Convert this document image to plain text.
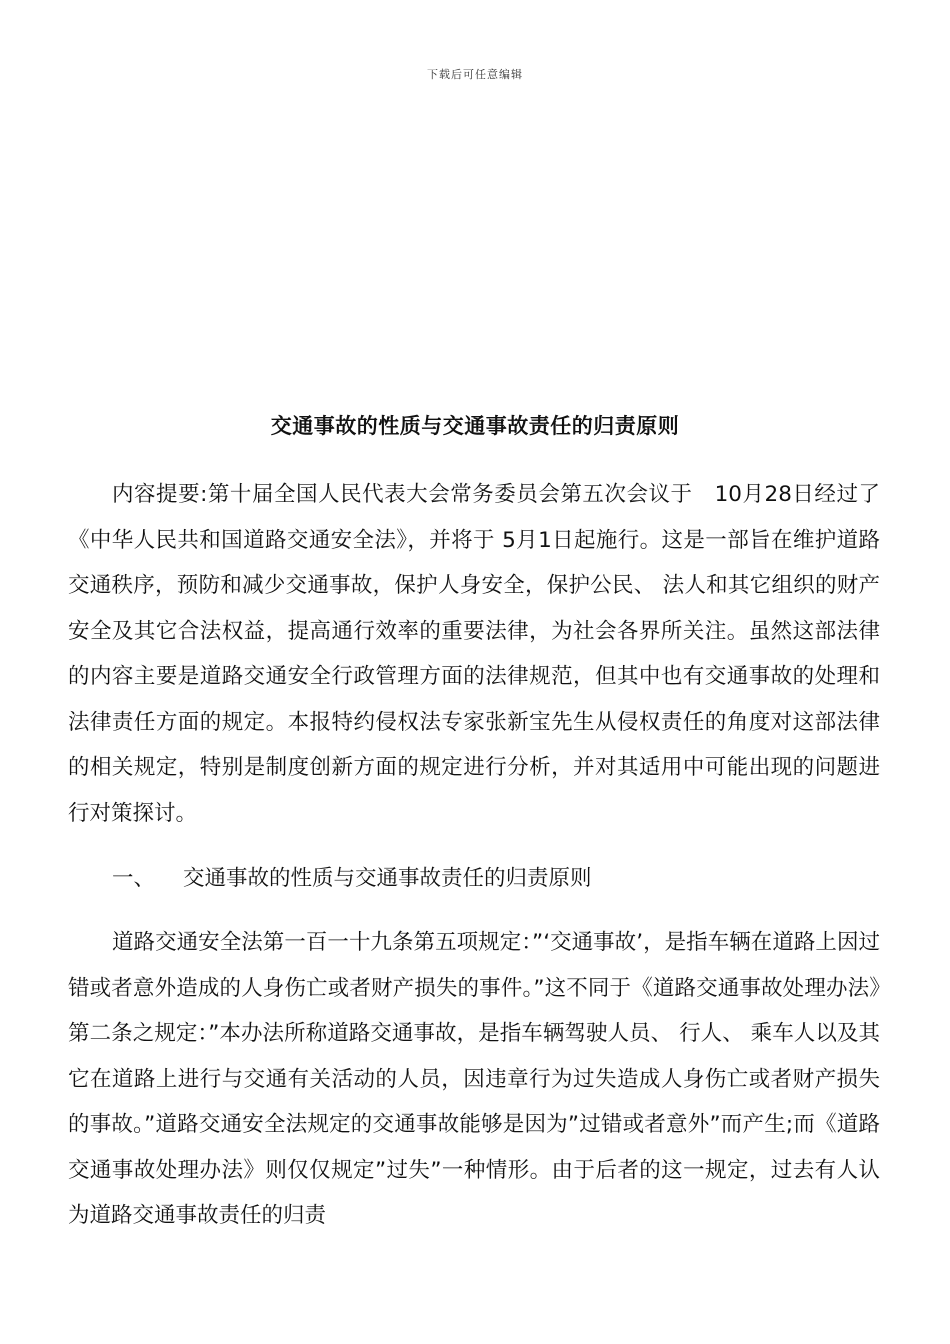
下载后可任意编辑
交通事故的性质与交通事故责任的归责原则

内容提要:第十届全国人民代表大会常务委员会第五次会议于　10月28日经过了《中华人民共和国道路交通安全法》，并将于 5月1日起施行。这是一部旨在维护道路交通秩序，预防和减少交通事故，保护人身安全，保护公民、 法人和其它组织的财产安全及其它合法权益，提高通行效率的重要法律，为社会各界所关注。虽然这部法律的内容主要是道路交通安全行政管理方面的法律规范，但其中也有交通事故的处理和法律责任方面的规定。本报特约侵权法专家张新宝先生从侵权责任的角度对这部法律的相关规定，特别是制度创新方面的规定进行分析，并对其适用中可能出现的问题进行对策探讨。

一、 交通事故的性质与交通事故责任的归责原则

道路交通安全法第一百一十九条第五项规定：”‘交通事故’，是指车辆在道路上因过错或者意外造成的人身伤亡或者财产损失的事件。”这不同于《道路交通事故处理办法》第二条之规定：”本办法所称道路交通事故，是指车辆驾驶人员、 行人、 乘车人以及其它在道路上进行与交通有关活动的人员，因违章行为过失造成人身伤亡或者财产损失的事故。”道路交通安全法规定的交通事故能够是因为”过错或者意外”而产生;而《道路交通事故处理办法》则仅仅规定”过失”一种情形。由于后者的这一规定，过去有人认为道路交通事故责任的归责
